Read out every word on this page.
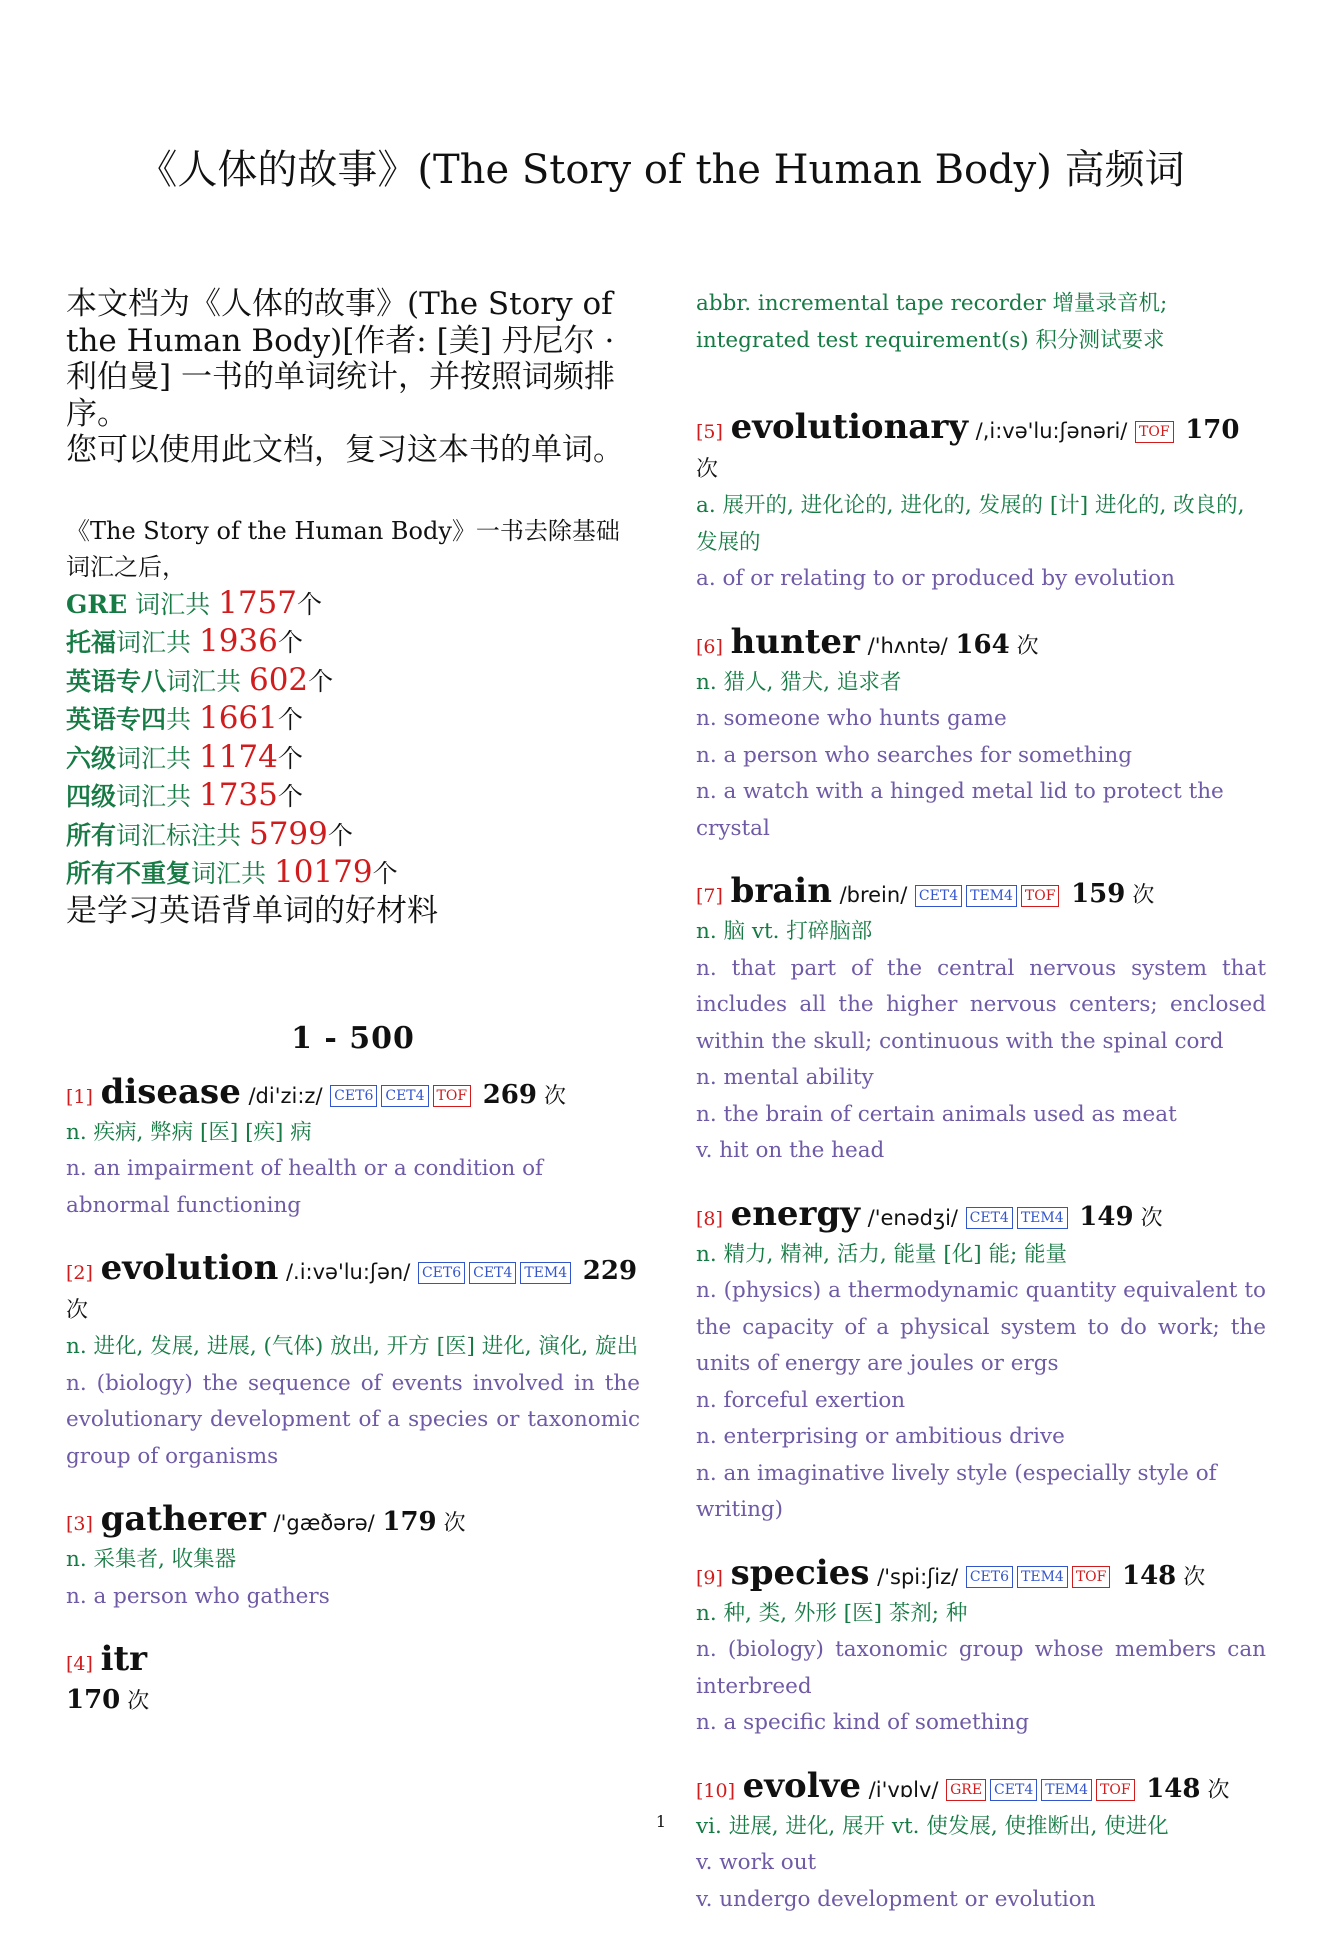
《人体的故事》(The Story of the Human Body) 高频词
本文档为《人体的故事》(The Story of the Human Body)[作者: [美] 丹尼尔 · 利伯曼] 一书的单词统计，并按照词频排序。
您可以使用此文档，复习这本书的单词。
《The Story of the Human Body》一书去除基础词汇之后，
GRE 词汇共 1757个
托福词汇共 1936个
英语专八词汇共 602个
英语专四共 1661个
六级词汇共 1174个
四级词汇共 1735个
所有词汇标注共 5799个
所有不重复词汇共 10179个
是学习英语背单词的好材料
1 - 500
[1] disease /di'zi:z/ CET6 CET4 TOF 269 次
n. 疾病, 弊病 [医] [疾] 病
n. an impairment of health or a condition of abnormal functioning
[2] evolution /.i:və'lu:ʃən/ CET6 CET4 TEM4 229 次
n. 进化, 发展, 进展, (气体) 放出, 开方 [医] 进化, 演化, 旋出
n. (biology) the sequence of events involved in the evolutionary development of a species or taxonomic group of organisms
[3] gatherer /'gæðərə/ 179 次
n. 采集者, 收集器
n. a person who gathers
[4] itr
170 次
abbr. incremental tape recorder 增量录音机; integrated test requirement(s) 积分测试要求
[5] evolutionary /,i:və'lu:ʃənəri/ TOF 170 次
a. 展开的, 进化论的, 进化的, 发展的 [计] 进化的, 改良的, 发展的
a. of or relating to or produced by evolution
[6] hunter /'hʌntə/ 164 次
n. 猎人, 猎犬, 追求者
n. someone who hunts game
n. a person who searches for something
n. a watch with a hinged metal lid to protect the crystal
[7] brain /brein/ CET4 TEM4 TOF 159 次
n. 脑 vt. 打碎脑部
n. that part of the central nervous system that includes all the higher nervous centers; enclosed within the skull; continuous with the spinal cord
n. mental ability
n. the brain of certain animals used as meat
v. hit on the head
[8] energy /'enədʒi/ CET4 TEM4 149 次
n. 精力, 精神, 活力, 能量 [化] 能; 能量
n. (physics) a thermodynamic quantity equivalent to the capacity of a physical system to do work; the units of energy are joules or ergs
n. forceful exertion
n. enterprising or ambitious drive
n. an imaginative lively style (especially style of writing)
[9] species /'spi:ʃiz/ CET6 TEM4 TOF 148 次
n. 种, 类, 外形 [医] 茶剂; 种
n. (biology) taxonomic group whose members can interbreed
n. a specific kind of something
[10] evolve /i'vɒlv/ GRE CET4 TEM4 TOF 148 次
vi. 进展, 进化, 展开 vt. 使发展, 使推断出, 使进化
v. work out
v. undergo development or evolution
1
